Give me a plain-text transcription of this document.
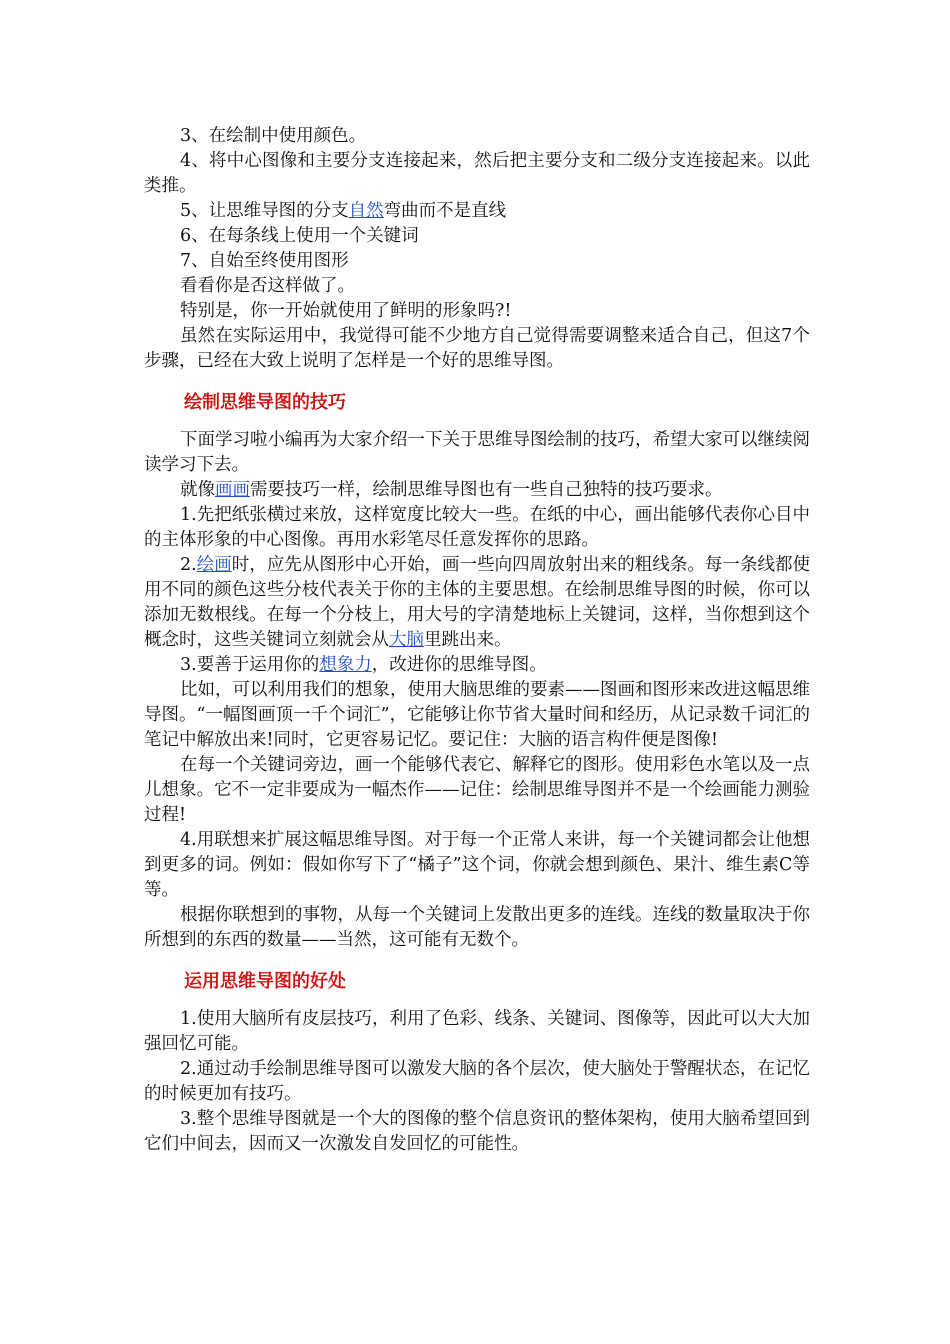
3、在绘制中使用颜色。

4、将中心图像和主要分支连接起来，然后把主要分支和二级分支连接起来。以此类推。

5、让思维导图的分支自然弯曲而不是直线

6、在每条线上使用一个关键词

7、自始至终使用图形

看看你是否这样做了。

特别是，你一开始就使用了鲜明的形象吗?!

虽然在实际运用中，我觉得可能不少地方自己觉得需要调整来适合自己，但这7个步骤，已经在大致上说明了怎样是一个好的思维导图。

绘制思维导图的技巧

下面学习啦小编再为大家介绍一下关于思维导图绘制的技巧，希望大家可以继续阅读学习下去。

就像画画需要技巧一样，绘制思维导图也有一些自己独特的技巧要求。

1.先把纸张横过来放，这样宽度比较大一些。在纸的中心，画出能够代表你心目中的主体形象的中心图像。再用水彩笔尽任意发挥你的思路。

2.绘画时，应先从图形中心开始，画一些向四周放射出来的粗线条。每一条线都使用不同的颜色这些分枝代表关于你的主体的主要思想。在绘制思维导图的时候，你可以添加无数根线。在每一个分枝上，用大号的字清楚地标上关键词，这样，当你想到这个概念时，这些关键词立刻就会从大脑里跳出来。

3.要善于运用你的想象力，改进你的思维导图。

比如，可以利用我们的想象，使用大脑思维的要素——图画和图形来改进这幅思维导图。“一幅图画顶一千个词汇”，它能够让你节省大量时间和经历，从记录数千词汇的笔记中解放出来!同时，它更容易记忆。要记住：大脑的语言构件便是图像!

在每一个关键词旁边，画一个能够代表它、解释它的图形。使用彩色水笔以及一点儿想象。它不一定非要成为一幅杰作——记住：绘制思维导图并不是一个绘画能力测验过程!

4.用联想来扩展这幅思维导图。对于每一个正常人来讲，每一个关键词都会让他想到更多的词。例如：假如你写下了“橘子”这个词，你就会想到颜色、果汁、维生素C等等。

根据你联想到的事物，从每一个关键词上发散出更多的连线。连线的数量取决于你所想到的东西的数量——当然，这可能有无数个。

运用思维导图的好处

1.使用大脑所有皮层技巧，利用了色彩、线条、关键词、图像等，因此可以大大加强回忆可能。

2.通过动手绘制思维导图可以激发大脑的各个层次，使大脑处于警醒状态，在记忆的时候更加有技巧。

3.整个思维导图就是一个大的图像的整个信息资讯的整体架构，使用大脑希望回到它们中间去，因而又一次激发自发回忆的可能性。
